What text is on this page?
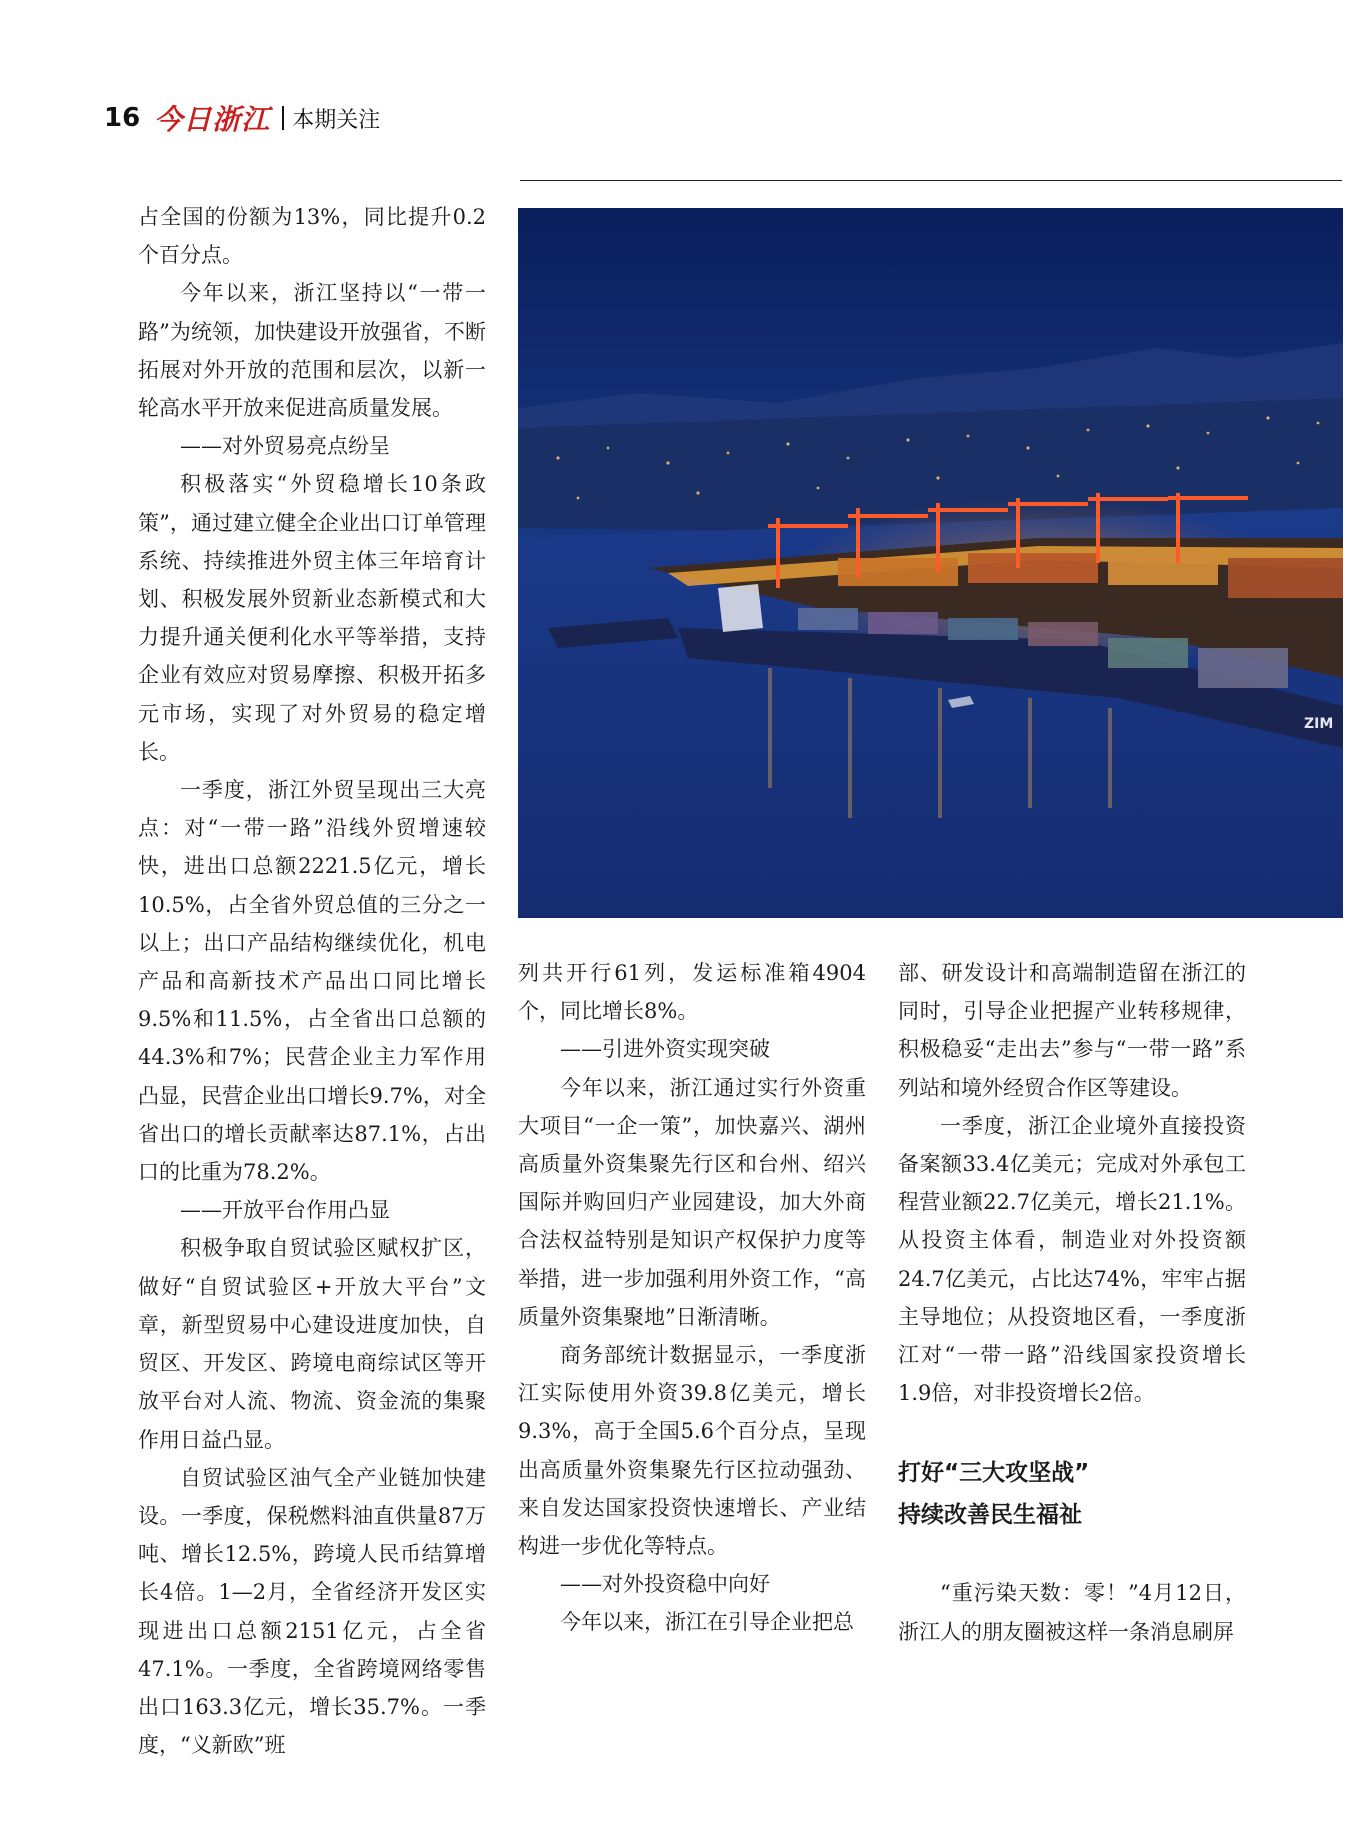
16 今日浙江 本期关注
ZIM

占全国的份额为13%，同比提升0.2个百分点。

今年以来，浙江坚持以“一带一路”为统领，加快建设开放强省，不断拓展对外开放的范围和层次，以新一轮高水平开放来促进高质量发展。

——对外贸易亮点纷呈

积极落实“外贸稳增长10条政策”，通过建立健全企业出口订单管理系统、持续推进外贸主体三年培育计划、积极发展外贸新业态新模式和大力提升通关便利化水平等举措，支持企业有效应对贸易摩擦、积极开拓多元市场，实现了对外贸易的稳定增长。

一季度，浙江外贸呈现出三大亮点：对“一带一路”沿线外贸增速较快，进出口总额2221.5亿元，增长10.5%，占全省外贸总值的三分之一以上；出口产品结构继续优化，机电产品和高新技术产品出口同比增长9.5%和11.5%，占全省出口总额的44.3%和7%；民营企业主力军作用凸显，民营企业出口增长9.7%，对全省出口的增长贡献率达87.1%，占出口的比重为78.2%。

——开放平台作用凸显

积极争取自贸试验区赋权扩区，做好“自贸试验区+开放大平台”文章，新型贸易中心建设进度加快，自贸区、开发区、跨境电商综试区等开放平台对人流、物流、资金流的集聚作用日益凸显。

自贸试验区油气全产业链加快建设。一季度，保税燃料油直供量87万吨、增长12.5%，跨境人民币结算增长4倍。1—2月，全省经济开发区实现进出口总额2151亿元，占全省47.1%。一季度，全省跨境网络零售出口163.3亿元，增长35.7%。一季度，“义新欧”班

列共开行61列，发运标准箱4904个，同比增长8%。

——引进外资实现突破

今年以来，浙江通过实行外资重大项目“一企一策”，加快嘉兴、湖州高质量外资集聚先行区和台州、绍兴国际并购回归产业园建设，加大外商合法权益特别是知识产权保护力度等举措，进一步加强利用外资工作，“高质量外资集聚地”日渐清晰。

商务部统计数据显示，一季度浙江实际使用外资39.8亿美元，增长9.3%，高于全国5.6个百分点，呈现出高质量外资集聚先行区拉动强劲、来自发达国家投资快速增长、产业结构进一步优化等特点。

——对外投资稳中向好

今年以来，浙江在引导企业把总

部、研发设计和高端制造留在浙江的同时，引导企业把握产业转移规律，积极稳妥“走出去”参与“一带一路”系列站和境外经贸合作区等建设。

一季度，浙江企业境外直接投资备案额33.4亿美元；完成对外承包工程营业额22.7亿美元，增长21.1%。从投资主体看，制造业对外投资额24.7亿美元，占比达74%，牢牢占据主导地位；从投资地区看，一季度浙江对“一带一路”沿线国家投资增长1.9倍，对非投资增长2倍。

打好“三大攻坚战”
持续改善民生福祉

“重污染天数：零！”4月12日，浙江人的朋友圈被这样一条消息刷屏
